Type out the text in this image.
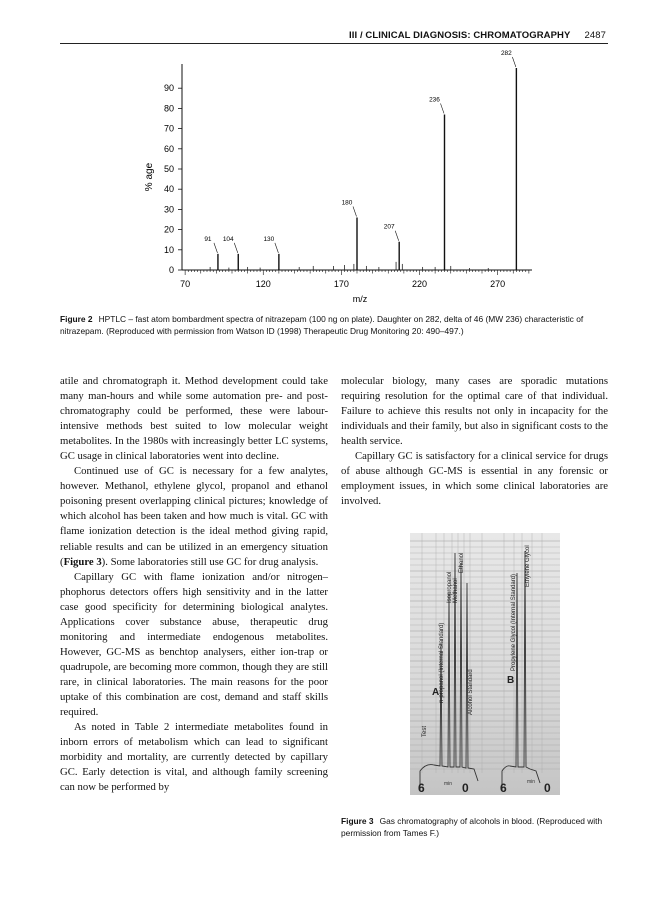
III / CLINICAL DIAGNOSIS: CHROMATOGRAPHY 2487
0
10
20
30
40
50
60
70
80
90
70	120	170	220	270
91 104	130
180
207
236
282
% age
m/z
Figure 2 HPTLC – fast atom bombardment spectra of nitrazepam (100 ng on plate). Daughter on 282, delta of 46 (MW 236) characteristic of nitrazepam. (Reproduced with permission from Watson ID (1998) Therapeutic Drug Monitoring 20: 490–497.)

atile and chromatograph it. Method development could take many man-hours and while some automation pre- and post-chromatography could be performed, these were labour-intensive methods best suited to low molecular weight metabolites. In the 1980s with increasingly better LC systems, GC usage in clinical laboratories went into decline.

Continued use of GC is necessary for a few analytes, however. Methanol, ethylene glycol, propanol and ethanol poisoning present overlapping clinical pictures; knowledge of which alcohol has been taken and how much is vital. GC with flame ionization detection is the ideal method giving rapid, reliable results and can be utilized in an emergency situation (Figure 3). Some laboratories still use GC for drug analysis.

Capillary GC with flame ionization and/or nitrogen–phophorus detectors offers high sensitivity and in the latter case good specificity for determining biological analytes. Applications cover substance abuse, therapeutic drug monitoring and intermediate endogenous metabolites. However, GC-MS as benchtop analysers, either ion-trap or quadrupole, are becoming more common, though they are still rare, in clinical laboratories. The main reasons for the poor uptake of this combination are cost, demand and staff skills required.

As noted in Table 2 intermediate metabolites found in inborn errors of metabolism which can lead to significant morbidity and mortality, are currently detected by capillary GC. Early detection is vital, and although family screening can now be performed by

molecular biology, many cases are sporadic mutations requiring resolution for the optimal care of that individual. Failure to achieve this results not only in incapacity for the individuals and their family, but also in significant costs to the health service.

Capillary GC is satisfactory for a clinical service for drugs of abuse although GC-MS is essential in any forensic or employment issues, in which some clinical laboratories are involved.

n-propanol (Internal Standard)
Isopropanol Methanol
Ethanol
Alcohol Standard
Test
Propylene Glycol (Internal Standard)
Ethylene Glycol
A
B
6	0	6	0
min	min
Figure 3 Gas chromatography of alcohols in blood. (Reproduced with permission from Tames F.)
